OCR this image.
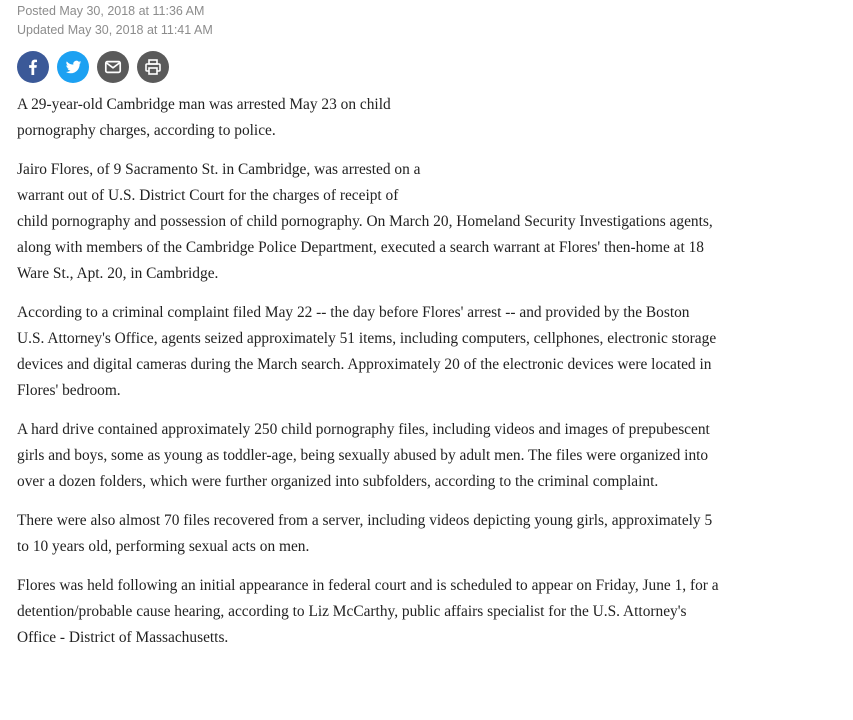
Posted May 30, 2018 at 11:36 AM
Updated May 30, 2018 at 11:41 AM

A 29-year-old Cambridge man was arrested May 23 on child
pornography charges, according to police.

Jairo Flores, of 9 Sacramento St. in Cambridge, was arrested on a
warrant out of U.S. District Court for the charges of receipt of
child pornography and possession of child pornography. On March 20, Homeland Security Investigations agents,
along with members of the Cambridge Police Department, executed a search warrant at Flores' then-home at 18
Ware St., Apt. 20, in Cambridge.

According to a criminal complaint filed May 22 -- the day before Flores' arrest -- and provided by the Boston
U.S. Attorney's Office, agents seized approximately 51 items, including computers, cellphones, electronic storage
devices and digital cameras during the March search. Approximately 20 of the electronic devices were located in
Flores' bedroom.

A hard drive contained approximately 250 child pornography files, including videos and images of prepubescent
girls and boys, some as young as toddler-age, being sexually abused by adult men. The files were organized into
over a dozen folders, which were further organized into subfolders, according to the criminal complaint.

There were also almost 70 files recovered from a server, including videos depicting young girls, approximately 5
to 10 years old, performing sexual acts on men.

Flores was held following an initial appearance in federal court and is scheduled to appear on Friday, June 1, for a
detention/probable cause hearing, according to Liz McCarthy, public affairs specialist for the U.S. Attorney's
Office - District of Massachusetts.
